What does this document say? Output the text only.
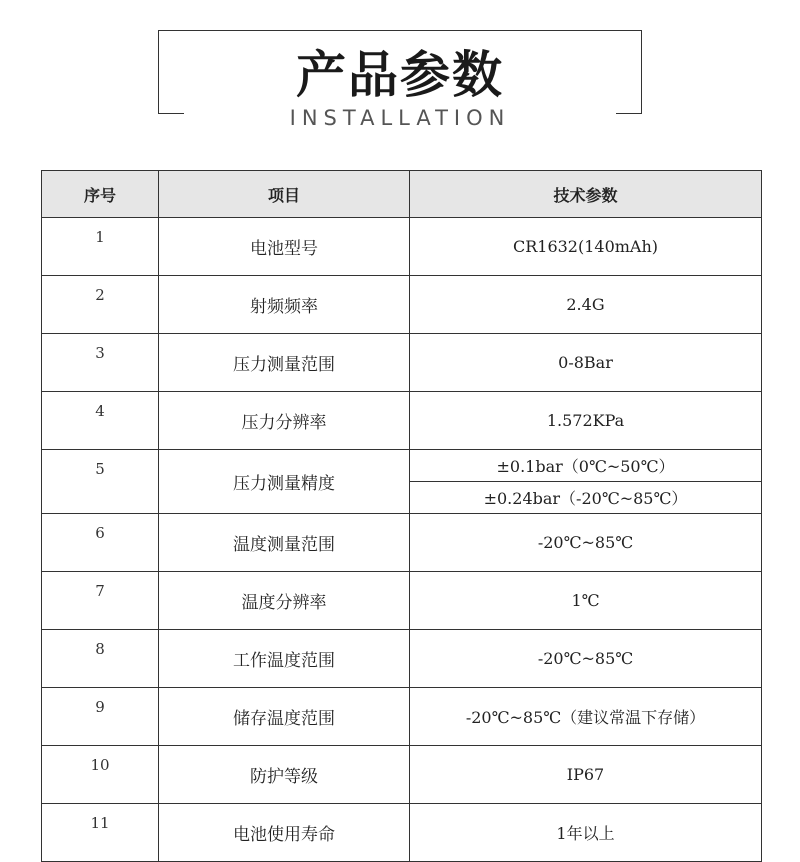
产品参数
INSTALLATION
序号	项目	技术参数
1	电池型号	CR1632(140mAh)
2	射频频率	2.4G
3	压力测量范围	0-8Bar
4	压力分辨率	1.572KPa
5	压力测量精度	±0.1bar（0℃~50℃）
		±0.24bar（-20℃~85℃）
6	温度测量范围	-20℃~85℃
7	温度分辨率	1℃
8	工作温度范围	-20℃~85℃
9	储存温度范围	-20℃~85℃（建议常温下存储）
10	防护等级	IP67
11	电池使用寿命	1年以上
